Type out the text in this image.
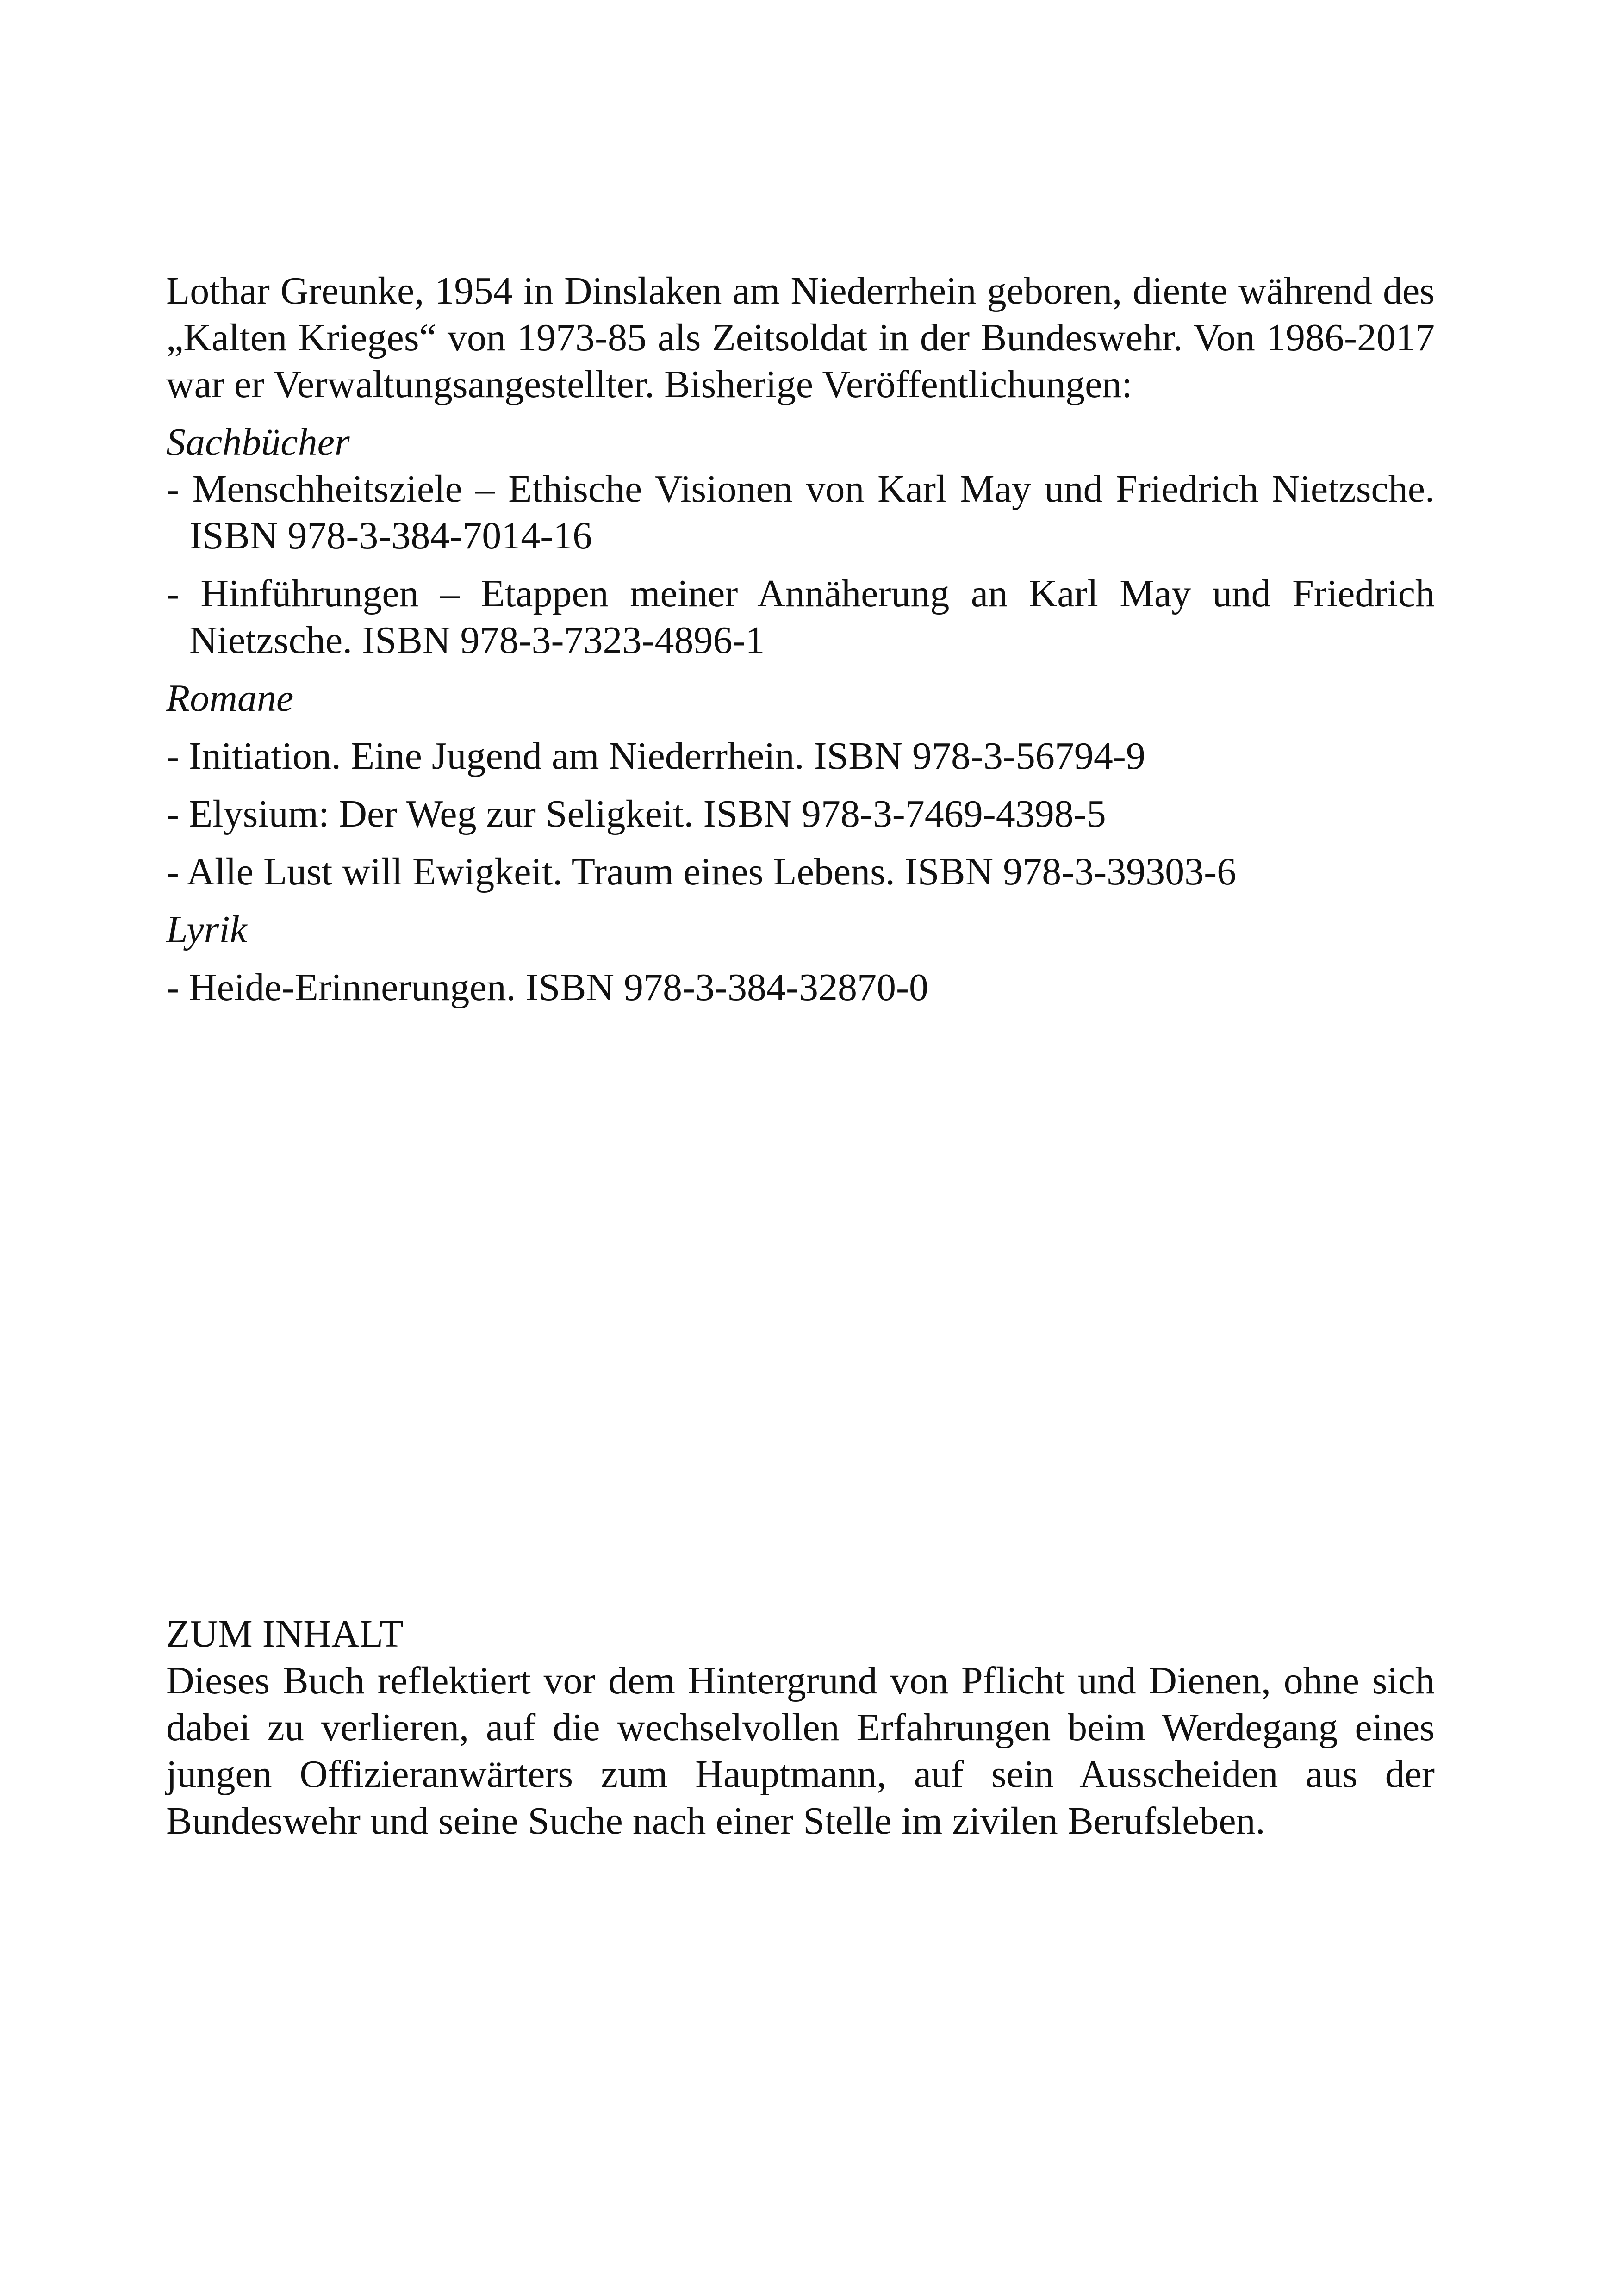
Lothar Greunke, 1954 in Dinslaken am Niederrhein geboren, diente während des „Kalten Krieges“ von 1973-85 als Zeitsoldat in der Bundeswehr. Von 1986-2017 war er Verwaltungsangestellter. Bisherige Veröffentlichungen:

Sachbücher

- Menschheitsziele – Ethische Visionen von Karl May und Friedrich Nietzsche. ISBN 978-3-384-7014-16

- Hinführungen – Etappen meiner Annäherung an Karl May und Friedrich Nietzsche. ISBN 978-3-7323-4896-1

Romane

- Initiation. Eine Jugend am Niederrhein. ISBN 978-3-56794-9

- Elysium: Der Weg zur Seligkeit. ISBN 978-3-7469-4398-5

- Alle Lust will Ewigkeit. Traum eines Lebens. ISBN 978-3-39303-6

Lyrik

- Heide-Erinnerungen. ISBN 978-3-384-32870-0

ZUM INHALT

Dieses Buch reflektiert vor dem Hintergrund von Pflicht und Dienen, ohne sich dabei zu verlieren, auf die wechselvollen Erfahrungen beim Werdegang eines jungen Offizieranwärters zum Hauptmann, auf sein Ausscheiden aus der Bundeswehr und seine Suche nach einer Stelle im zivilen Berufsleben.
